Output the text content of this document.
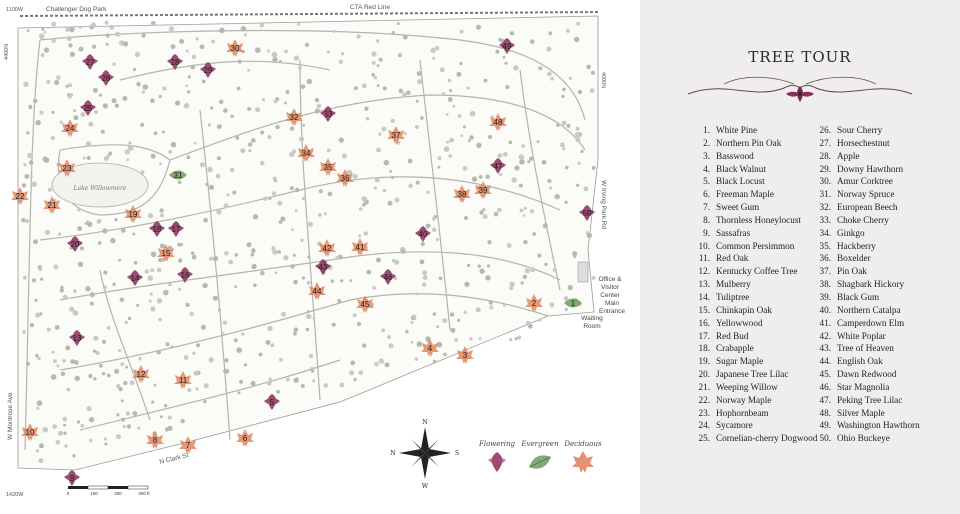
Lake Willowmere
Challenger Dog Park	CTA Red Line
1100W
4000N
4400N
W Irving Park Rd
W Montrose Ave
N Clark St
1420W
Office &
Visitor
Center
Main
Entrance
Waiting
Room
1
2
3
4
5
6
7
8
9
10
11
12
13
14
15
16
17
18
19
20
21
22
23
24
25
26
27	28
29
30
31
32	33
34
35
36
37
38 39
40
41
42
43
44
45
46
47
48
49
50
N
W
N	S
Flowering Evergreen Deciduous
0	100	200	300 ft
TREE TOUR
1. White Pine
2. Northern Pin Oak
3. Basswood
4. Black Walnut
5. Black Locust
6. Freeman Maple
7. Sweet Gum
8. Thornless Honeylocust
9. Sassafras
10. Common Persimmon
11. Red Oak
12. Kentucky Coffee Tree
13. Mulberry
14. Tuliptree
15. Chinkapin Oak
16. Yellowwood
17. Red Bud
18. Crabapple
19. Sugar Maple
20. Japanese Tree Lilac
21. Weeping Willow
22. Norway Maple
23. Hophornbeam
24. Sycamore
25. Cornelian-cherry Dogwood
26. Sour Cherry
27. Horsechestnut
28. Apple
29. Downy Hawthorn
30. Amur Corktree
31. Norway Spruce
32. European Beech
33. Choke Cherry
34. Ginkgo
35. Hackberry
36. Boxelder
37. Pin Oak
38. Shagbark Hickory
39. Black Gum
40. Northern Catalpa
41. Camperdown Elm
42. White Poplar
43. Tree of Heaven
44. English Oak
45. Dawn Redwood
46. Star Magnolia
47. Peking Tree Lilac
48. Silver Maple
49. Washington Hawthorn
50. Ohio Buckeye
